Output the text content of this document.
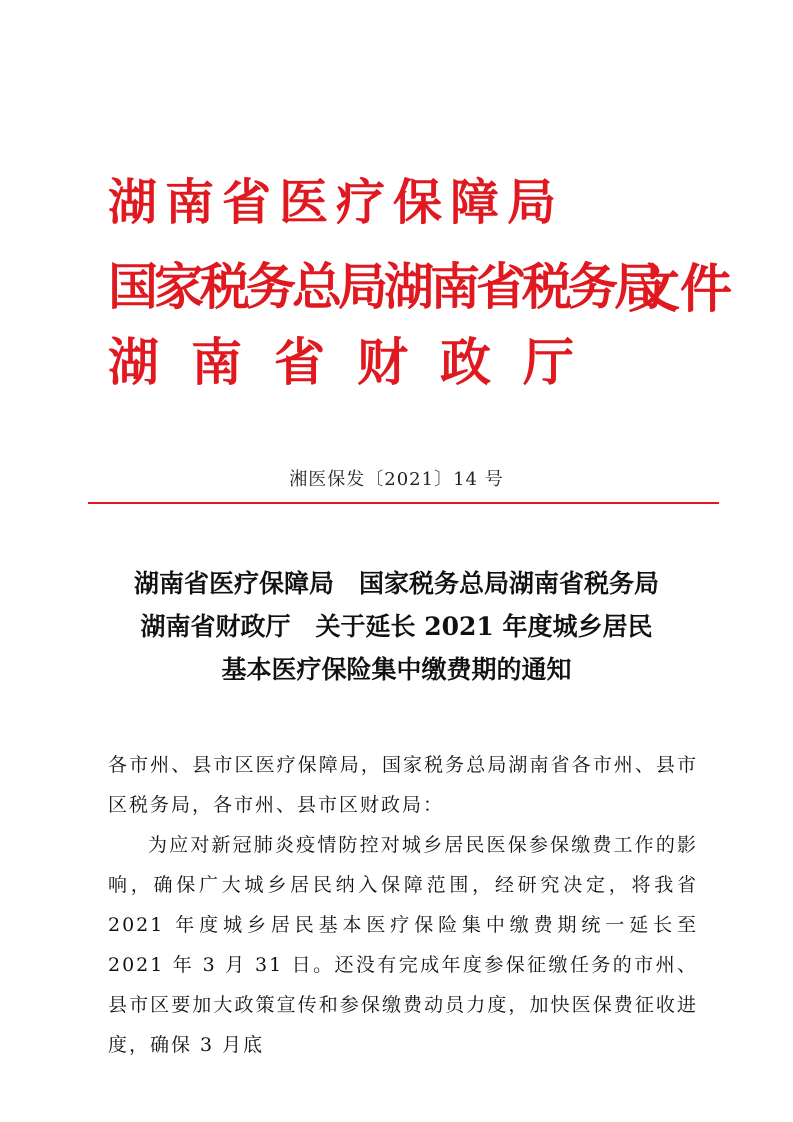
湖南省医疗保障局
国家税务总局湖南省税务局
文件
湖南省财政厅
湘医保发〔2021〕14 号
湖南省医疗保障局　国家税务总局湖南省税务局
湖南省财政厅　关于延长 2021 年度城乡居民
基本医疗保险集中缴费期的通知

各市州、县市区医疗保障局，国家税务总局湖南省各市州、县市区税务局，各市州、县市区财政局：

为应对新冠肺炎疫情防控对城乡居民医保参保缴费工作的影响，确保广大城乡居民纳入保障范围，经研究决定，将我省 2021 年度城乡居民基本医疗保险集中缴费期统一延长至 2021 年 3 月 31 日。还没有完成年度参保征缴任务的市州、县市区要加大政策宣传和参保缴费动员力度，加快医保费征收进度，确保 3 月底
